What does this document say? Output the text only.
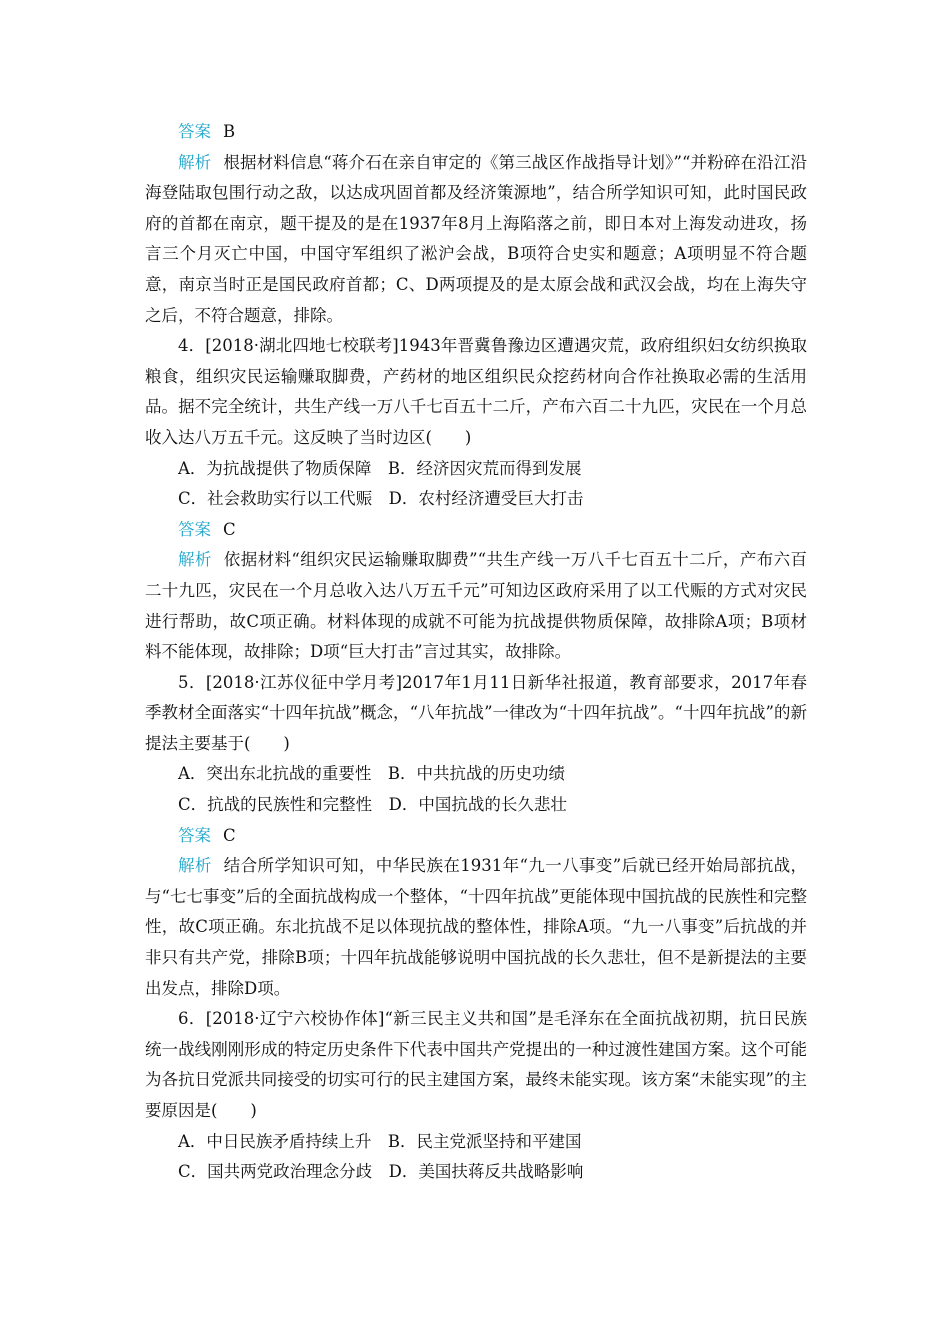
答案 B

解析 根据材料信息“蒋介石在亲自审定的《第三战区作战指导计划》”“并粉碎在沿江沿海登陆取包围行动之敌，以达成巩固首都及经济策源地”，结合所学知识可知，此时国民政府的首都在南京，题干提及的是在1937年8月上海陷落之前，即日本对上海发动进攻，扬言三个月灭亡中国，中国守军组织了淞沪会战，B项符合史实和题意；A项明显不符合题意，南京当时正是国民政府首都；C、D两项提及的是太原会战和武汉会战，均在上海失守之后，不符合题意，排除。

4．[2018·湖北四地七校联考]1943年晋冀鲁豫边区遭遇灾荒，政府组织妇女纺织换取粮食，组织灾民运输赚取脚费，产药材的地区组织民众挖药材向合作社换取必需的生活用品。据不完全统计，共生产线一万八千七百五十二斤，产布六百二十九匹，灾民在一个月总收入达八万五千元。这反映了当时边区(　　)

A．为抗战提供了物质保障　B．经济因灾荒而得到发展

C．社会救助实行以工代赈　D．农村经济遭受巨大打击

答案 C

解析 依据材料“组织灾民运输赚取脚费”“共生产线一万八千七百五十二斤，产布六百二十九匹，灾民在一个月总收入达八万五千元”可知边区政府采用了以工代赈的方式对灾民进行帮助，故C项正确。材料体现的成就不可能为抗战提供物质保障，故排除A项；B项材料不能体现，故排除；D项“巨大打击”言过其实，故排除。

5．[2018·江苏仪征中学月考]2017年1月11日新华社报道，教育部要求，2017年春季教材全面落实“十四年抗战”概念，“八年抗战”一律改为“十四年抗战”。“十四年抗战”的新提法主要基于(　　)

A．突出东北抗战的重要性　B．中共抗战的历史功绩

C．抗战的民族性和完整性　D．中国抗战的长久悲壮

答案 C

解析 结合所学知识可知，中华民族在1931年“九一八事变”后就已经开始局部抗战，与“七七事变”后的全面抗战构成一个整体，“十四年抗战”更能体现中国抗战的民族性和完整性，故C项正确。东北抗战不足以体现抗战的整体性，排除A项。“九一八事变”后抗战的并非只有共产党，排除B项；十四年抗战能够说明中国抗战的长久悲壮，但不是新提法的主要出发点，排除D项。

6．[2018·辽宁六校协作体]“新三民主义共和国”是毛泽东在全面抗战初期，抗日民族统一战线刚刚形成的特定历史条件下代表中国共产党提出的一种过渡性建国方案。这个可能为各抗日党派共同接受的切实可行的民主建国方案，最终未能实现。该方案“未能实现”的主要原因是(　　)

A．中日民族矛盾持续上升　B．民主党派坚持和平建国

C．国共两党政治理念分歧　D．美国扶蒋反共战略影响
